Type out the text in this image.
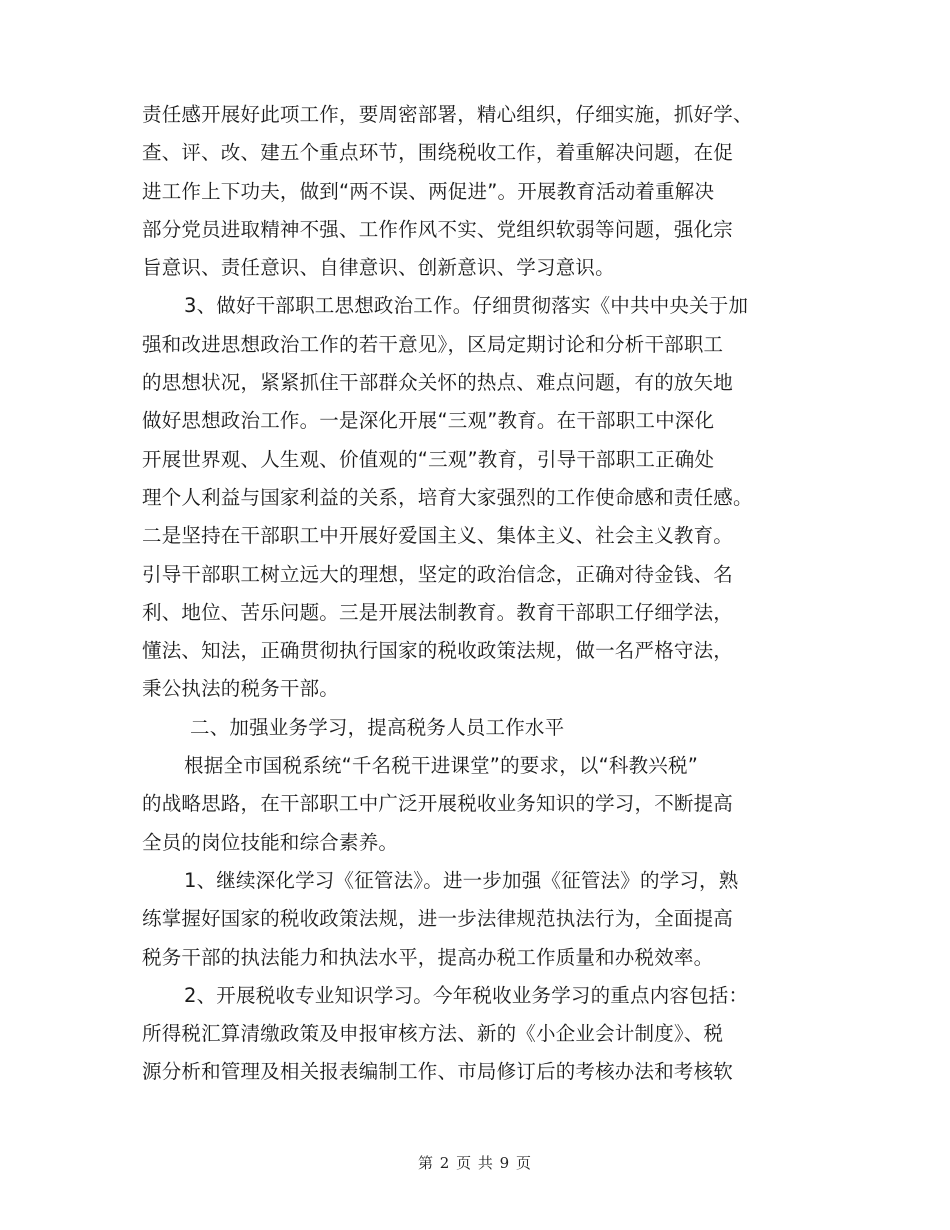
责任感开展好此项工作，要周密部署，精心组织，仔细实施，抓好学、
查、评、改、建五个重点环节，围绕税收工作，着重解决问题，在促
进工作上下功夫，做到“两不误、两促进”。开展教育活动着重解决
部分党员进取精神不强、工作作风不实、党组织软弱等问题，强化宗
旨意识、责任意识、自律意识、创新意识、学习意识。
3、做好干部职工思想政治工作。仔细贯彻落实《中共中央关于加
强和改进思想政治工作的若干意见》，区局定期讨论和分析干部职工
的思想状况，紧紧抓住干部群众关怀的热点、难点问题，有的放矢地
做好思想政治工作。一是深化开展“三观”教育。在干部职工中深化
开展世界观、人生观、价值观的“三观”教育，引导干部职工正确处
理个人利益与国家利益的关系，培育大家强烈的工作使命感和责任感。
二是坚持在干部职工中开展好爱国主义、集体主义、社会主义教育。
引导干部职工树立远大的理想，坚定的政治信念，正确对待金钱、名
利、地位、苦乐问题。三是开展法制教育。教育干部职工仔细学法，
懂法、知法，正确贯彻执行国家的税收政策法规，做一名严格守法，
秉公执法的税务干部。
二、加强业务学习，提高税务人员工作水平
根据全市国税系统“千名税干进课堂”的要求，以“科教兴税”
的战略思路，在干部职工中广泛开展税收业务知识的学习，不断提高
全员的岗位技能和综合素养。
1、继续深化学习《征管法》。进一步加强《征管法》的学习，熟
练掌握好国家的税收政策法规，进一步法律规范执法行为，全面提高
税务干部的执法能力和执法水平，提高办税工作质量和办税效率。
2、开展税收专业知识学习。今年税收业务学习的重点内容包括：
所得税汇算清缴政策及申报审核方法、新的《小企业会计制度》、税
源分析和管理及相关报表编制工作、市局修订后的考核办法和考核软
第 2 页 共 9 页
